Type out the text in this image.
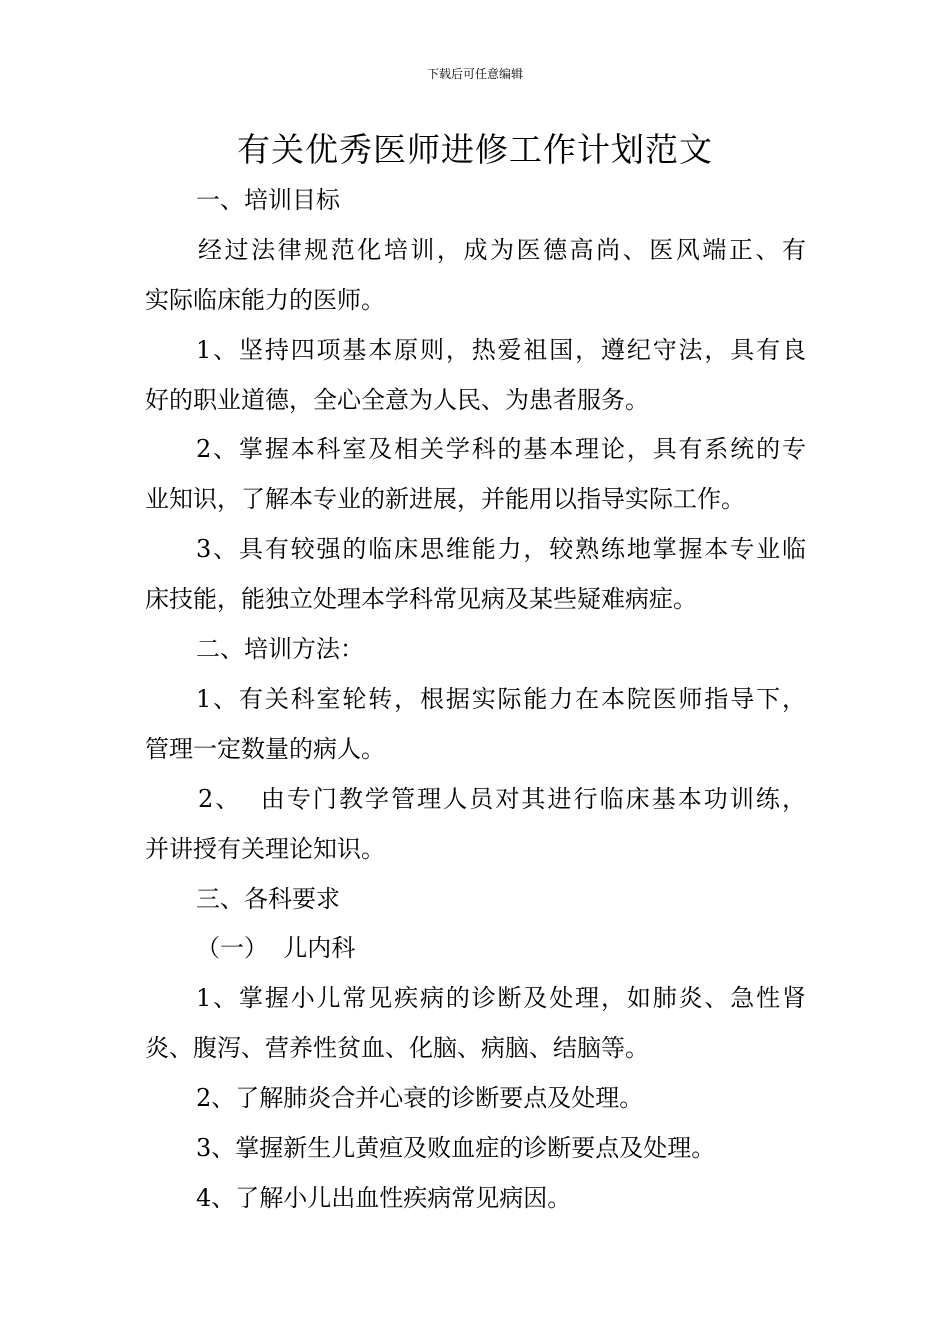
下载后可任意编辑
有关优秀医师进修工作计划范文
一、培训目标
经过法律规范化培训，成为医德高尚、医风端正、有
实际临床能力的医师。
1、坚持四项基本原则，热爱祖国，遵纪守法，具有良
好的职业道德，全心全意为人民、为患者服务。
2、掌握本科室及相关学科的基本理论，具有系统的专
业知识，了解本专业的新进展，并能用以指导实际工作。
3、具有较强的临床思维能力，较熟练地掌握本专业临
床技能，能独立处理本学科常见病及某些疑难病症。
二、培训方法：
1、有关科室轮转，根据实际能力在本院医师指导下，
管理一定数量的病人。
2、  由专门教学管理人员对其进行临床基本功训练，
并讲授有关理论知识。
三、各科要求
（一）  儿内科
1、掌握小儿常见疾病的诊断及处理，如肺炎、急性肾
炎、腹泻、营养性贫血、化脑、病脑、结脑等。
2、了解肺炎合并心衰的诊断要点及处理。
3、掌握新生儿黄疸及败血症的诊断要点及处理。
4、了解小儿出血性疾病常见病因。
